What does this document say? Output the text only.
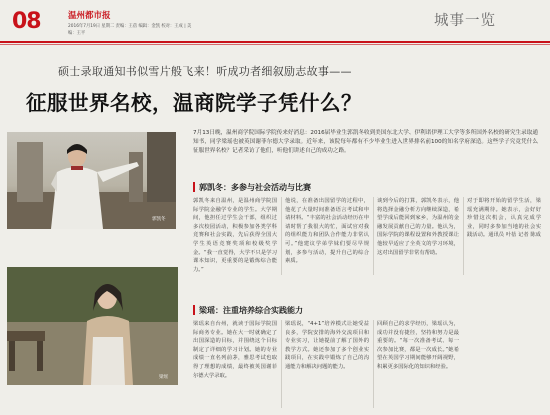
08	温州都市报
2016年7月19日 星期二 责编：王蓓 编辑：金凯 校对：王成 | 美编：王平
城事一览
硕士录取通知书似雪片般飞来！听成功者细叙励志故事——
征服世界名校，温商院学子凭什么？
郭凯冬
梁瑶
7月13日晚，温州商学院国际学院传来好消息：2016届毕业生郭凯冬收到美国东北大学、伊利诺伊理工大学等多所国外名校的研究生录取通知书，同学梁瑶也被英国谢菲尔德大学录取。近年来，该院每年都有不少毕业生进入世界排名前100的知名学府深造。这些学子究竟凭什么征服世界名校？记者采访了他们，听他们讲述自己的成功之路。
郭凯冬：多参与社会活动与比赛
郭凯冬来自温州，是温州商学院国际学院金融学专业的学生。大学期间，他担任过学生会干部，组织过多次校园活动，积极参加各类学科竞赛和社会实践，先后获得全国大学生英语竞赛奖项和校级奖学金。“我一直觉得，大学不只是学习课本知识，更重要的是锻炼综合能力。”
他说，在准备出国留学的过程中，他花了大量时间准备语言考试和申请材料。“丰富的社会活动经历在申请时帮了我很大的忙，面试官对我的组织能力和团队合作能力非常认可。”他建议学弟学妹们要尽早规划，多参与活动，提升自己的综合素质。
谈到今后的打算，郭凯冬表示，他将选择金融分析方向继续深造，希望学成后能回到家乡，为温州的金融发展贡献自己的力量。他认为，国际学院的课程设置和外教授课让他较早适应了全英文的学习环境，这对出国留学非常有帮助。
对于即将开始的留学生活，梁瑶充满期待。她表示，会好好珍惜这次机会，认真完成学业，同时多参加当地的社会实践活动。通讯员 叶蓓 记者 陈成
梁瑶：注重培养综合实践能力
梁瑶来自台州，就读于国际学院国际商务专业。她在大一时就确定了出国深造的目标，并围绕这个目标制定了详细的学习计划。她的专业成绩一直名列前茅，雅思考试也取得了理想的成绩，最终被英国谢菲尔德大学录取。
梁瑶说，“4+1”培养模式让她受益良多，学院安排的海外交流项目和专业实习，让她提前了解了国外的教学方式。她还参加了多个创业实践项目，在实践中锻炼了自己的沟通能力和解决问题的能力。
回顾自己的求学经历，梁瑶认为，成功并没有捷径，坚持和努力是最重要的。“每一次准备考试、每一次参加比赛，都是一次成长。”她希望在英国学习期间能够开阔视野，积累更多国际化的知识和经验。
